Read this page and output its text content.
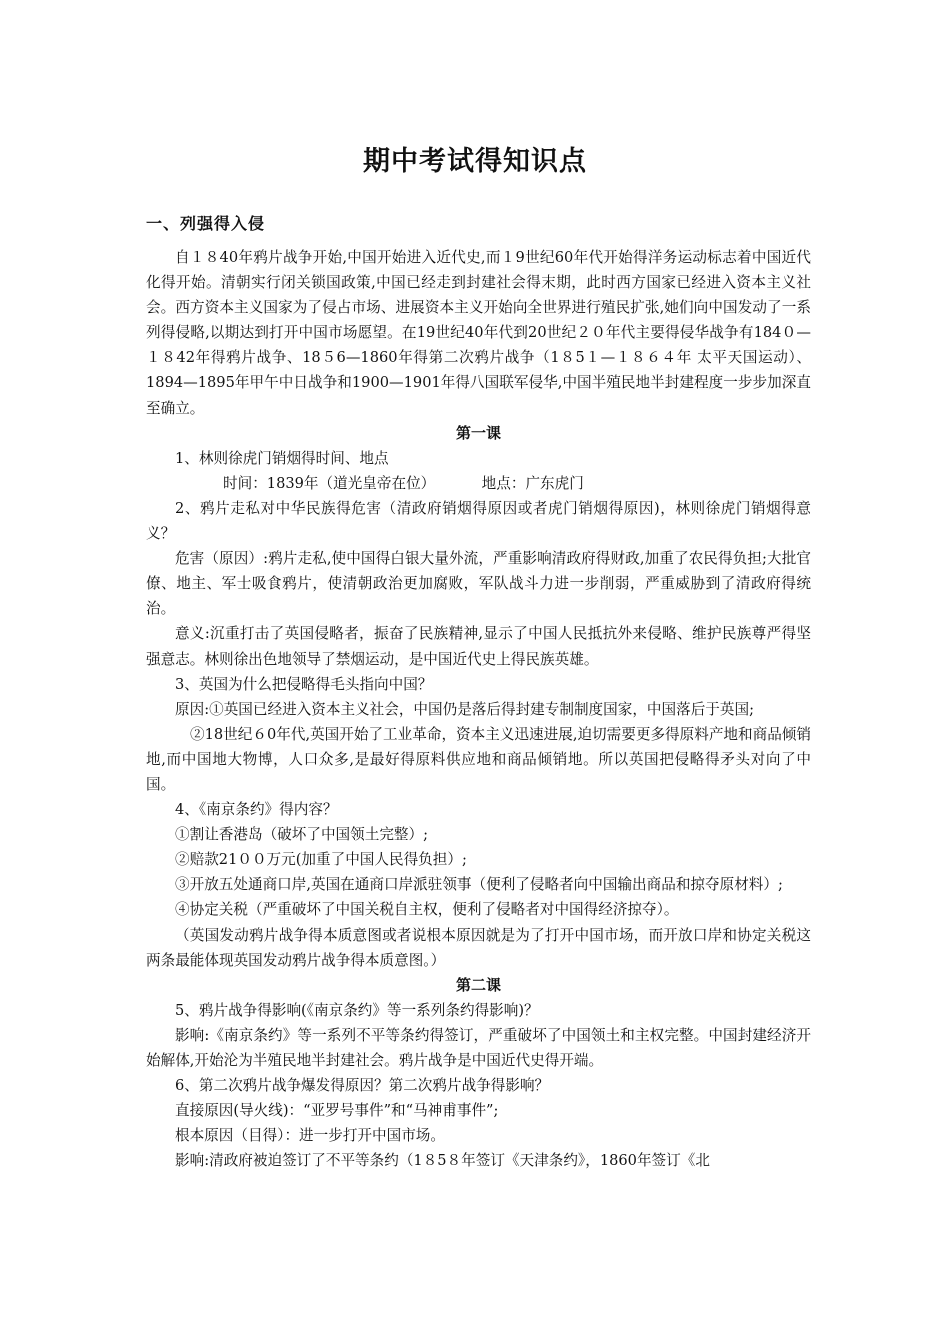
期中考试得知识点
一、列强得入侵

自１８40年鸦片战争开始,中国开始进入近代史,而１9世纪60年代开始得洋务运动标志着中国近代化得开始。清朝实行闭关锁国政策,中国已经走到封建社会得末期，此时西方国家已经进入资本主义社会。西方资本主义国家为了侵占市场、进展资本主义开始向全世界进行殖民扩张,她们向中国发动了一系列得侵略,以期达到打开中国市场愿望。在19世纪40年代到20世纪２０年代主要得侵华战争有184０—１８42年得鸦片战争、18５6—1860年得第二次鸦片战争（1８5１—１８６４年 太平天国运动）、1894—1895年甲午中日战争和1900—1901年得八国联军侵华,中国半殖民地半封建程度一步步加深直至确立。

第一课

1、林则徐虎门销烟得时间、地点

时间：1839年（道光皇帝在位）	地点：广东虎门

2、鸦片走私对中华民族得危害（清政府销烟得原因或者虎门销烟得原因)，林则徐虎门销烟得意义？

危害（原因）:鸦片走私,使中国得白银大量外流，严重影响清政府得财政,加重了农民得负担;大批官僚、地主、军士吸食鸦片，使清朝政治更加腐败，军队战斗力进一步削弱，严重威胁到了清政府得统治。

意义:沉重打击了英国侵略者，振奋了民族精神,显示了中国人民抵抗外来侵略、维护民族尊严得坚强意志。林则徐出色地领导了禁烟运动，是中国近代史上得民族英雄。

3、英国为什么把侵略得毛头指向中国？

原因:①英国已经进入资本主义社会，中国仍是落后得封建专制制度国家，中国落后于英国;

②18世纪６0年代,英国开始了工业革命，资本主义迅速进展,迫切需要更多得原料产地和商品倾销地,而中国地大物博，人口众多,是最好得原料供应地和商品倾销地。所以英国把侵略得矛头对向了中国。

4、《南京条约》得内容？

①割让香港岛（破坏了中国领土完整）;

②赔款21００万元(加重了中国人民得负担）;

③开放五处通商口岸,英国在通商口岸派驻领事（便利了侵略者向中国输出商品和掠夺原材料）;

④协定关税（严重破坏了中国关税自主权，便利了侵略者对中国得经济掠夺）。

（英国发动鸦片战争得本质意图或者说根本原因就是为了打开中国市场，而开放口岸和协定关税这两条最能体现英国发动鸦片战争得本质意图。）

第二课

5、鸦片战争得影响(《南京条约》等一系列条约得影响)？

影响:《南京条约》等一系列不平等条约得签订，严重破坏了中国领土和主权完整。中国封建经济开始解体,开始沦为半殖民地半封建社会。鸦片战争是中国近代史得开端。

6、第二次鸦片战争爆发得原因？第二次鸦片战争得影响？

直接原因(导火线)：“亚罗号事件”和“马神甫事件”;

根本原因（目得）：进一步打开中国市场。

影响:清政府被迫签订了不平等条约（1８5８年签订《天津条约》，1860年签订《北
